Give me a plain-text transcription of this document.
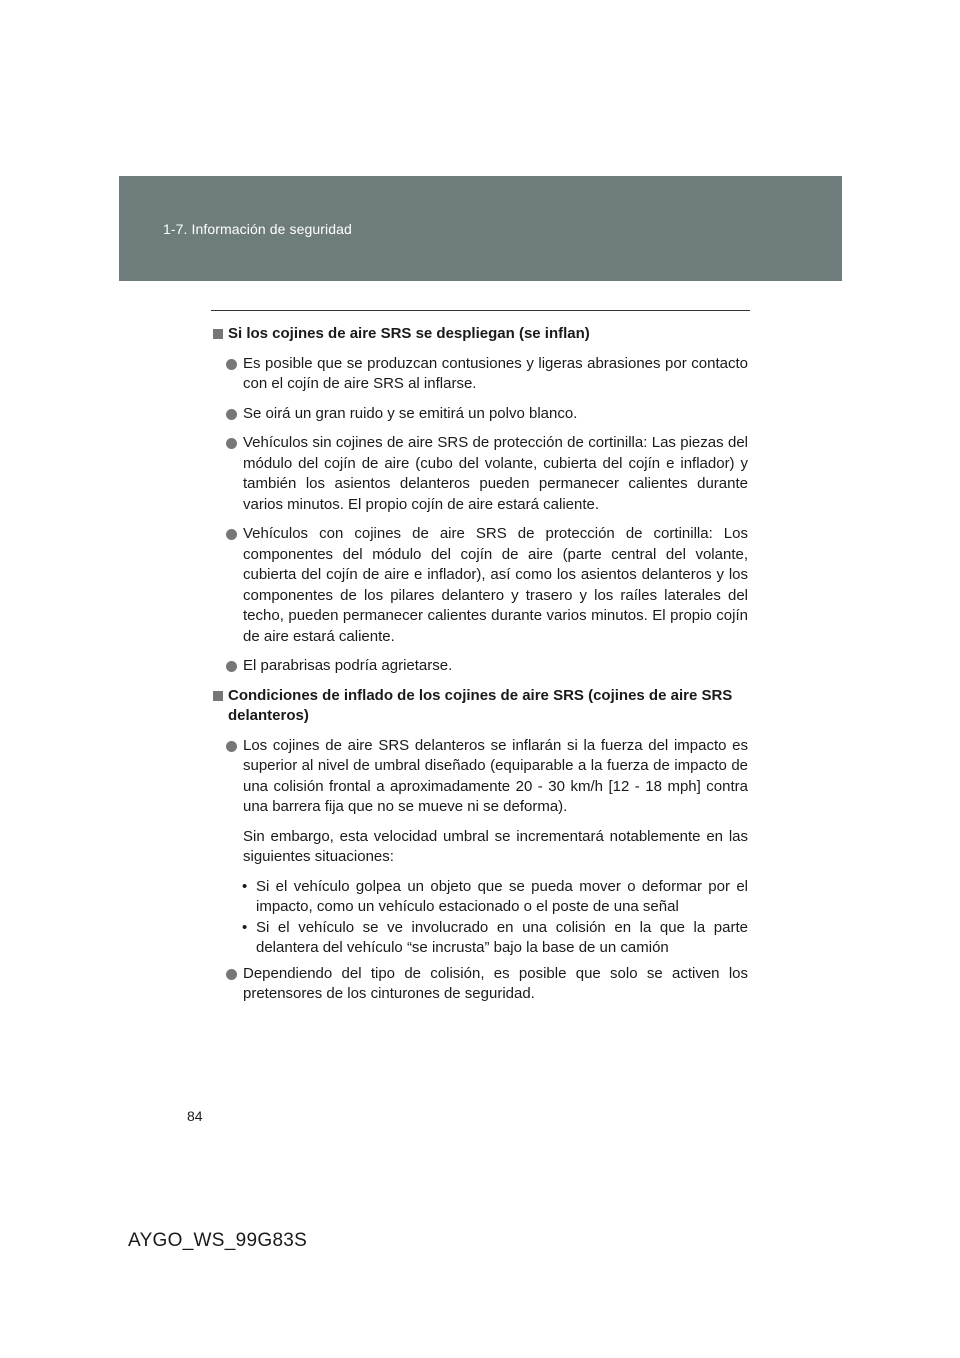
1-7. Información de seguridad
Si los cojines de aire SRS se despliegan (se inflan)
Es posible que se produzcan contusiones y ligeras abrasiones por contacto con el cojín de aire SRS al inflarse.
Se oirá un gran ruido y se emitirá un polvo blanco.
Vehículos sin cojines de aire SRS de protección de cortinilla: Las piezas del módulo del cojín de aire (cubo del volante, cubierta del cojín e inflador) y también los asientos delanteros pueden permanecer calientes durante varios minutos. El propio cojín de aire estará caliente.
Vehículos con cojines de aire SRS de protección de cortinilla: Los componentes del módulo del cojín de aire (parte central del volante, cubierta del cojín de aire e inflador), así como los asientos delanteros y los componentes de los pilares delantero y trasero y los raíles laterales del techo, pueden permanecer calientes durante varios minutos. El propio cojín de aire estará caliente.
El parabrisas podría agrietarse.
Condiciones de inflado de los cojines de aire SRS (cojines de aire SRS delanteros)
Los cojines de aire SRS delanteros se inflarán si la fuerza del impacto es superior al nivel de umbral diseñado (equiparable a la fuerza de impacto de una colisión frontal a aproximadamente 20 - 30 km/h [12 - 18 mph] contra una barrera fija que no se mueve ni se deforma).
Sin embargo, esta velocidad umbral se incrementará notablemente en las siguientes situaciones:
• Si el vehículo golpea un objeto que se pueda mover o deformar por el impacto, como un vehículo estacionado o el poste de una señal
• Si el vehículo se ve involucrado en una colisión en la que la parte delantera del vehículo “se incrusta” bajo la base de un camión
Dependiendo del tipo de colisión, es posible que solo se activen los pretensores de los cinturones de seguridad.
84
AYGO_WS_99G83S
